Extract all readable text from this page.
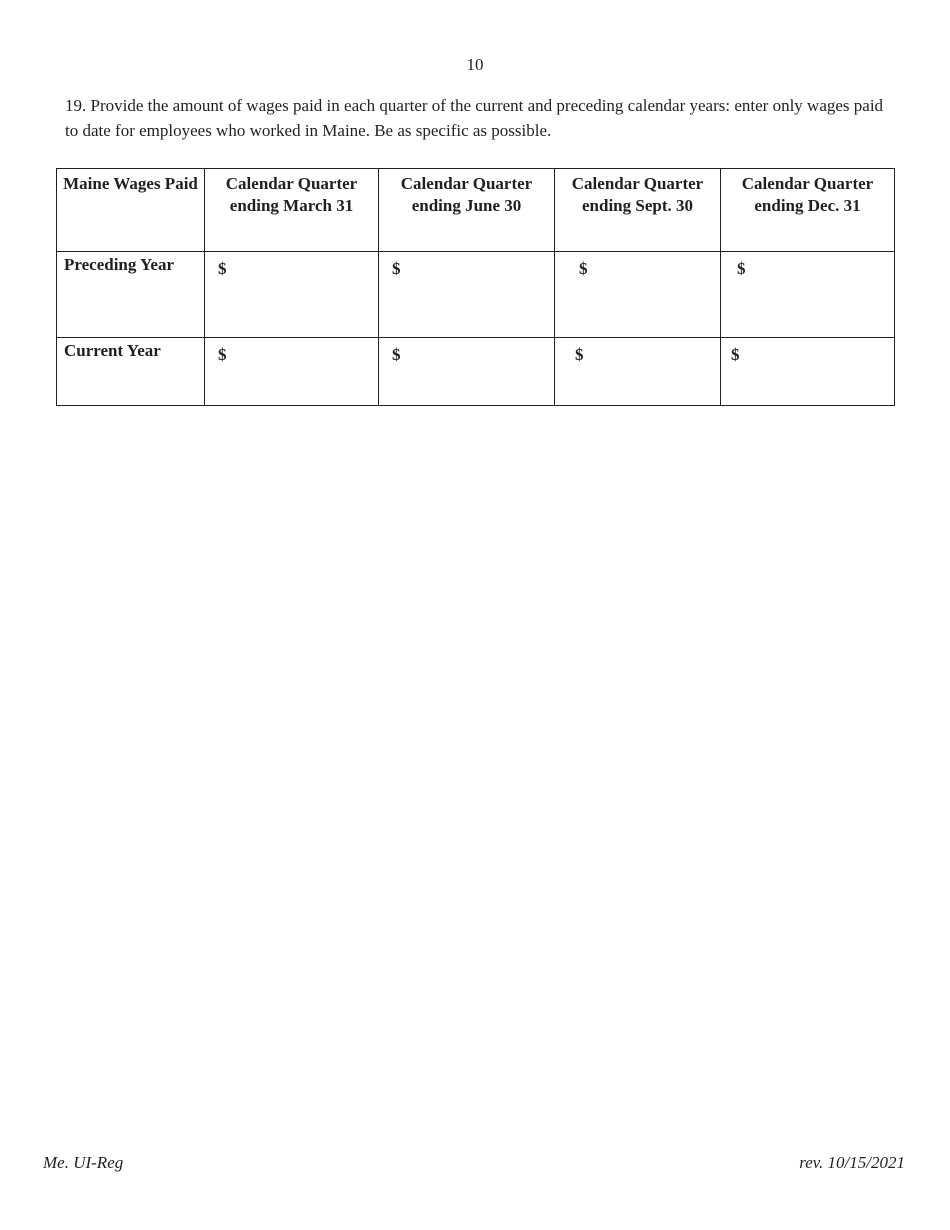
10
19. Provide the amount of wages paid in each quarter of the current and preceding calendar years: enter only wages paid to date for employees who worked in Maine. Be as specific as possible.
Maine Wages Paid	Calendar Quarter ending March 31	Calendar Quarter ending June 30	Calendar Quarter ending Sept. 30	Calendar Quarter ending Dec. 31
Preceding Year	$	$	$	$
Current Year	$	$	$	$
Me. UI-Reg	rev. 10/15/2021
